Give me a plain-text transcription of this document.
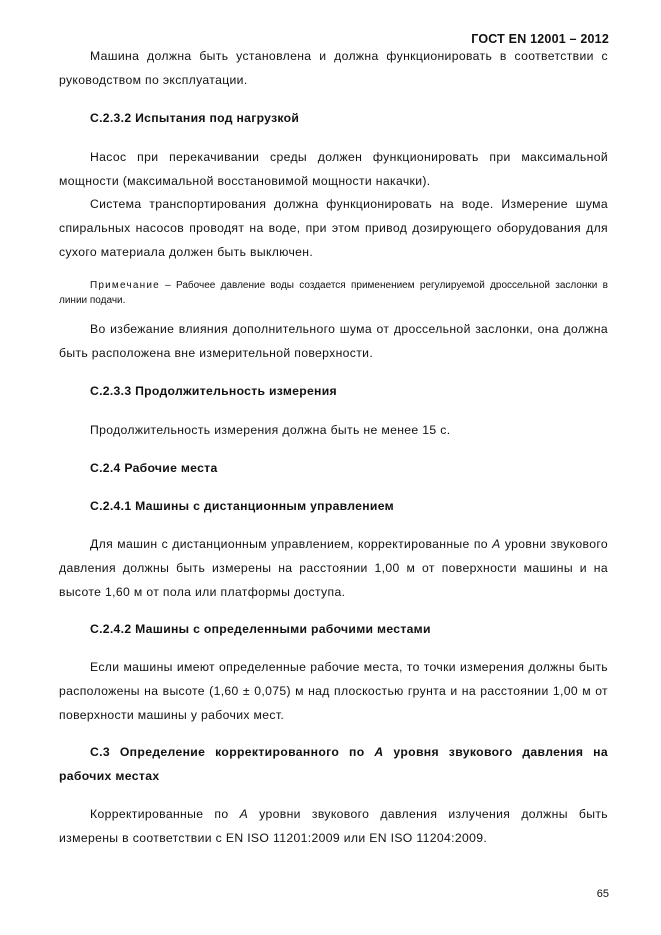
ГОСТ EN 12001 – 2012
Машина должна быть установлена и должна функционировать в соответствии с руководством по эксплуатации.
С.2.3.2 Испытания под нагрузкой
Насос при перекачивании среды должен функционировать при максимальной мощности (максимальной восстановимой мощности накачки).
Система транспортирования должна функционировать на воде. Измерение шума спиральных насосов проводят на воде, при этом привод дозирующего оборудования для сухого материала должен быть выключен.
Примечание – Рабочее давление воды создается применением регулируемой дроссельной заслонки в линии подачи.
Во избежание влияния дополнительного шума от дроссельной заслонки, она должна быть расположена вне измерительной поверхности.
С.2.3.3 Продолжительность измерения
Продолжительность измерения должна быть не менее 15 с.
С.2.4 Рабочие места
С.2.4.1 Машины с дистанционным управлением
Для машин с дистанционным управлением, корректированные по А уровни звукового давления должны быть измерены на расстоянии 1,00 м от поверхности машины и на высоте 1,60 м от пола или платформы доступа.
С.2.4.2 Машины с определенными рабочими местами
Если машины имеют определенные рабочие места, то точки измерения должны быть расположены на высоте (1,60 ± 0,075) м над плоскостью грунта и на расстоянии 1,00 м от поверхности машины у рабочих мест.
С.3 Определение корректированного по А уровня звукового давления на рабочих местах
Корректированные по А уровни звукового давления излучения должны быть измерены в соответствии с EN ISO 11201:2009 или EN ISO 11204:2009.
65
